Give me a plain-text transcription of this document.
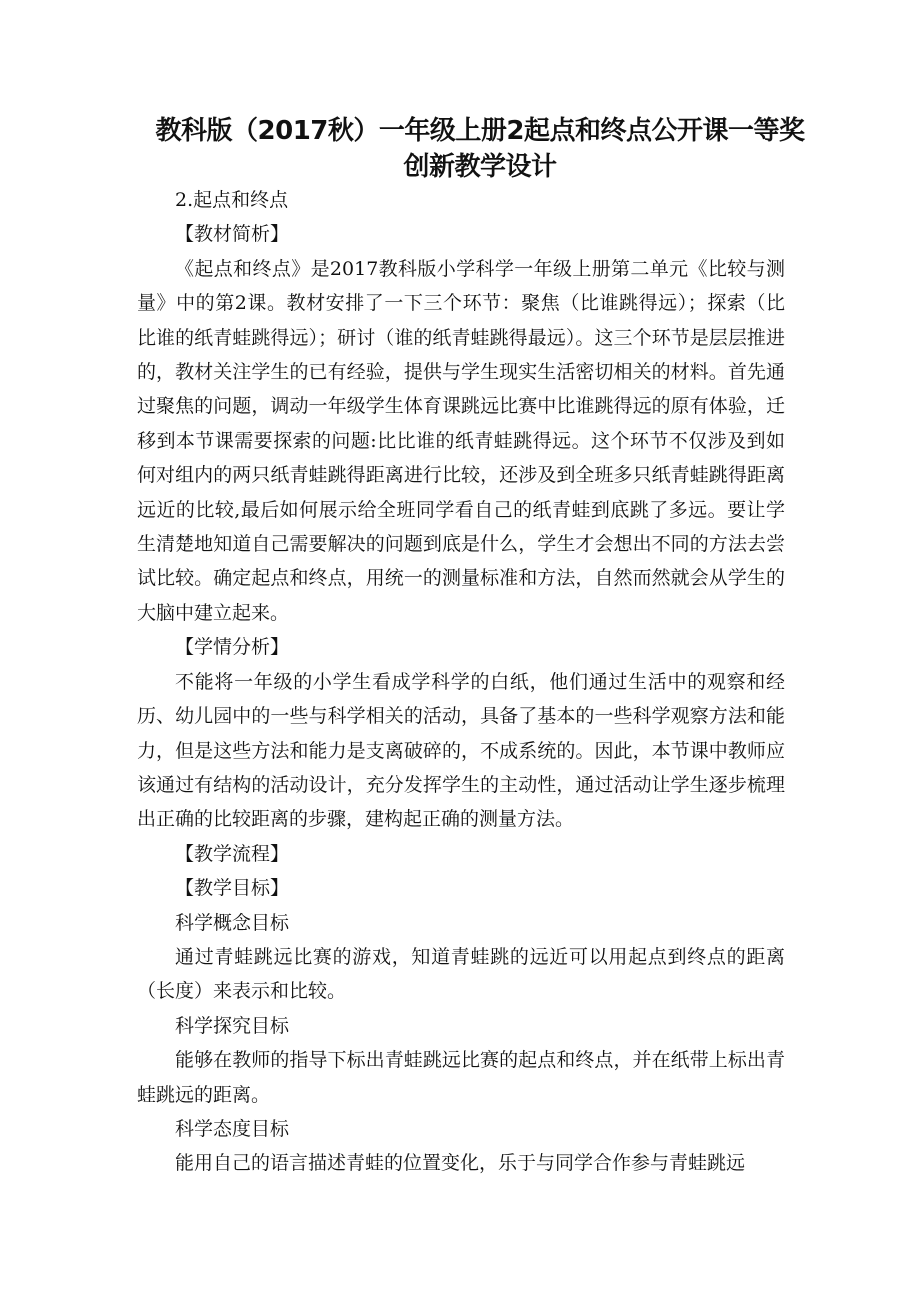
教科版（2017秋）一年级上册2起点和终点公开课一等奖
创新教学设计

2.起点和终点

【教材简析】

《起点和终点》是2017教科版小学科学一年级上册第二单元《比较与测量》中的第2课。教材安排了一下三个环节：聚焦（比谁跳得远）；探索（比比谁的纸青蛙跳得远）；研讨（谁的纸青蛙跳得最远）。这三个环节是层层推进的，教材关注学生的已有经验，提供与学生现实生活密切相关的材料。首先通过聚焦的问题，调动一年级学生体育课跳远比赛中比谁跳得远的原有体验，迁移到本节课需要探索的问题:比比谁的纸青蛙跳得远。这个环节不仅涉及到如何对组内的两只纸青蛙跳得距离进行比较，还涉及到全班多只纸青蛙跳得距离远近的比较,最后如何展示给全班同学看自己的纸青蛙到底跳了多远。要让学生清楚地知道自己需要解决的问题到底是什么，学生才会想出不同的方法去尝试比较。确定起点和终点，用统一的测量标准和方法，自然而然就会从学生的大脑中建立起来。

【学情分析】

不能将一年级的小学生看成学科学的白纸，他们通过生活中的观察和经历、幼儿园中的一些与科学相关的活动，具备了基本的一些科学观察方法和能力，但是这些方法和能力是支离破碎的，不成系统的。因此，本节课中教师应该通过有结构的活动设计，充分发挥学生的主动性，通过活动让学生逐步梳理出正确的比较距离的步骤，建构起正确的测量方法。

【教学流程】

【教学目标】

科学概念目标

通过青蛙跳远比赛的游戏，知道青蛙跳的远近可以用起点到终点的距离（长度）来表示和比较。

科学探究目标

能够在教师的指导下标出青蛙跳远比赛的起点和终点，并在纸带上标出青蛙跳远的距离。

科学态度目标

能用自己的语言描述青蛙的位置变化，乐于与同学合作参与青蛙跳远
